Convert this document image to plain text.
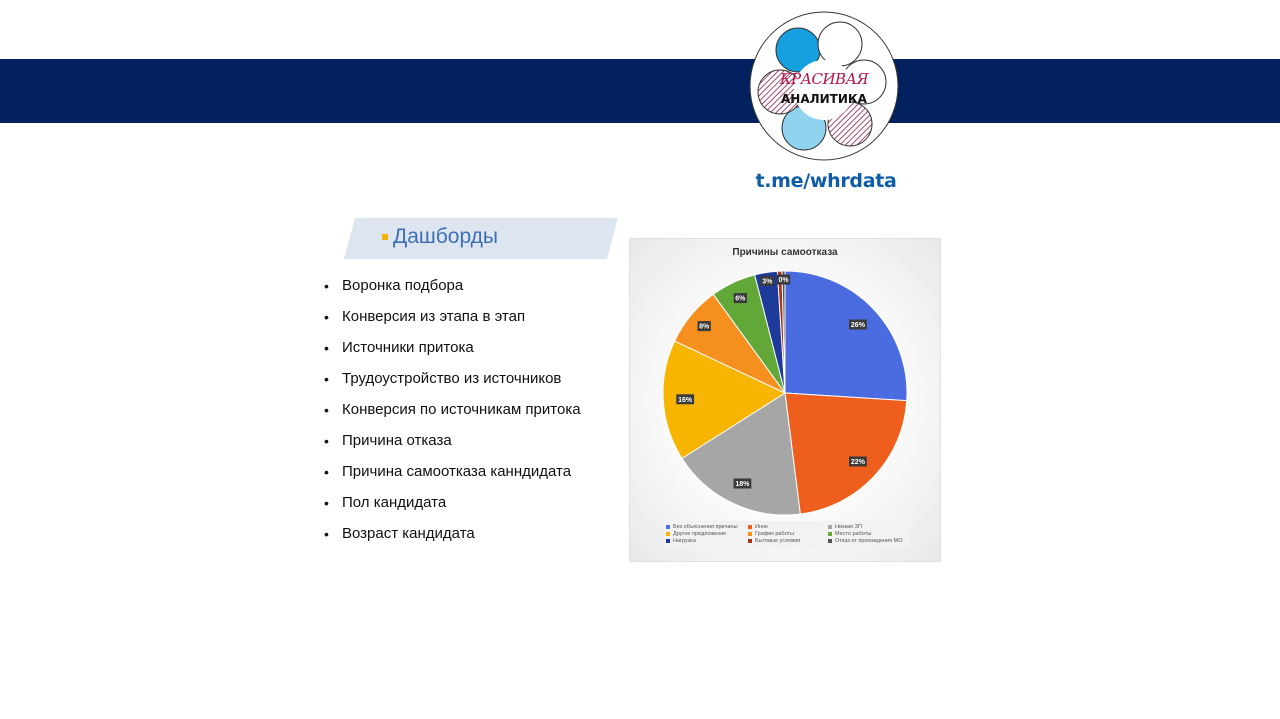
КРАСИВАЯ
АНАЛИТИКА
t.me/whrdata
Дашборды
• Воронка подбора
• Конверсия из этапа в этап
• Источники притока
• Трудоустройство из источников
• Конверсия по источникам притока
• Причина отказа
• Причина самоотказа канндидата
• Пол кандидата
• Возраст кандидата
Причины самоотказа
26%
22%
18%
16%
8%
6%
3% 0%
Без объяснения причины	Иное	Низкая ЗП
Другое предложение	График работы	Место работы
Нагрузка	Бытовые условия	Отказ от прохождения МО
